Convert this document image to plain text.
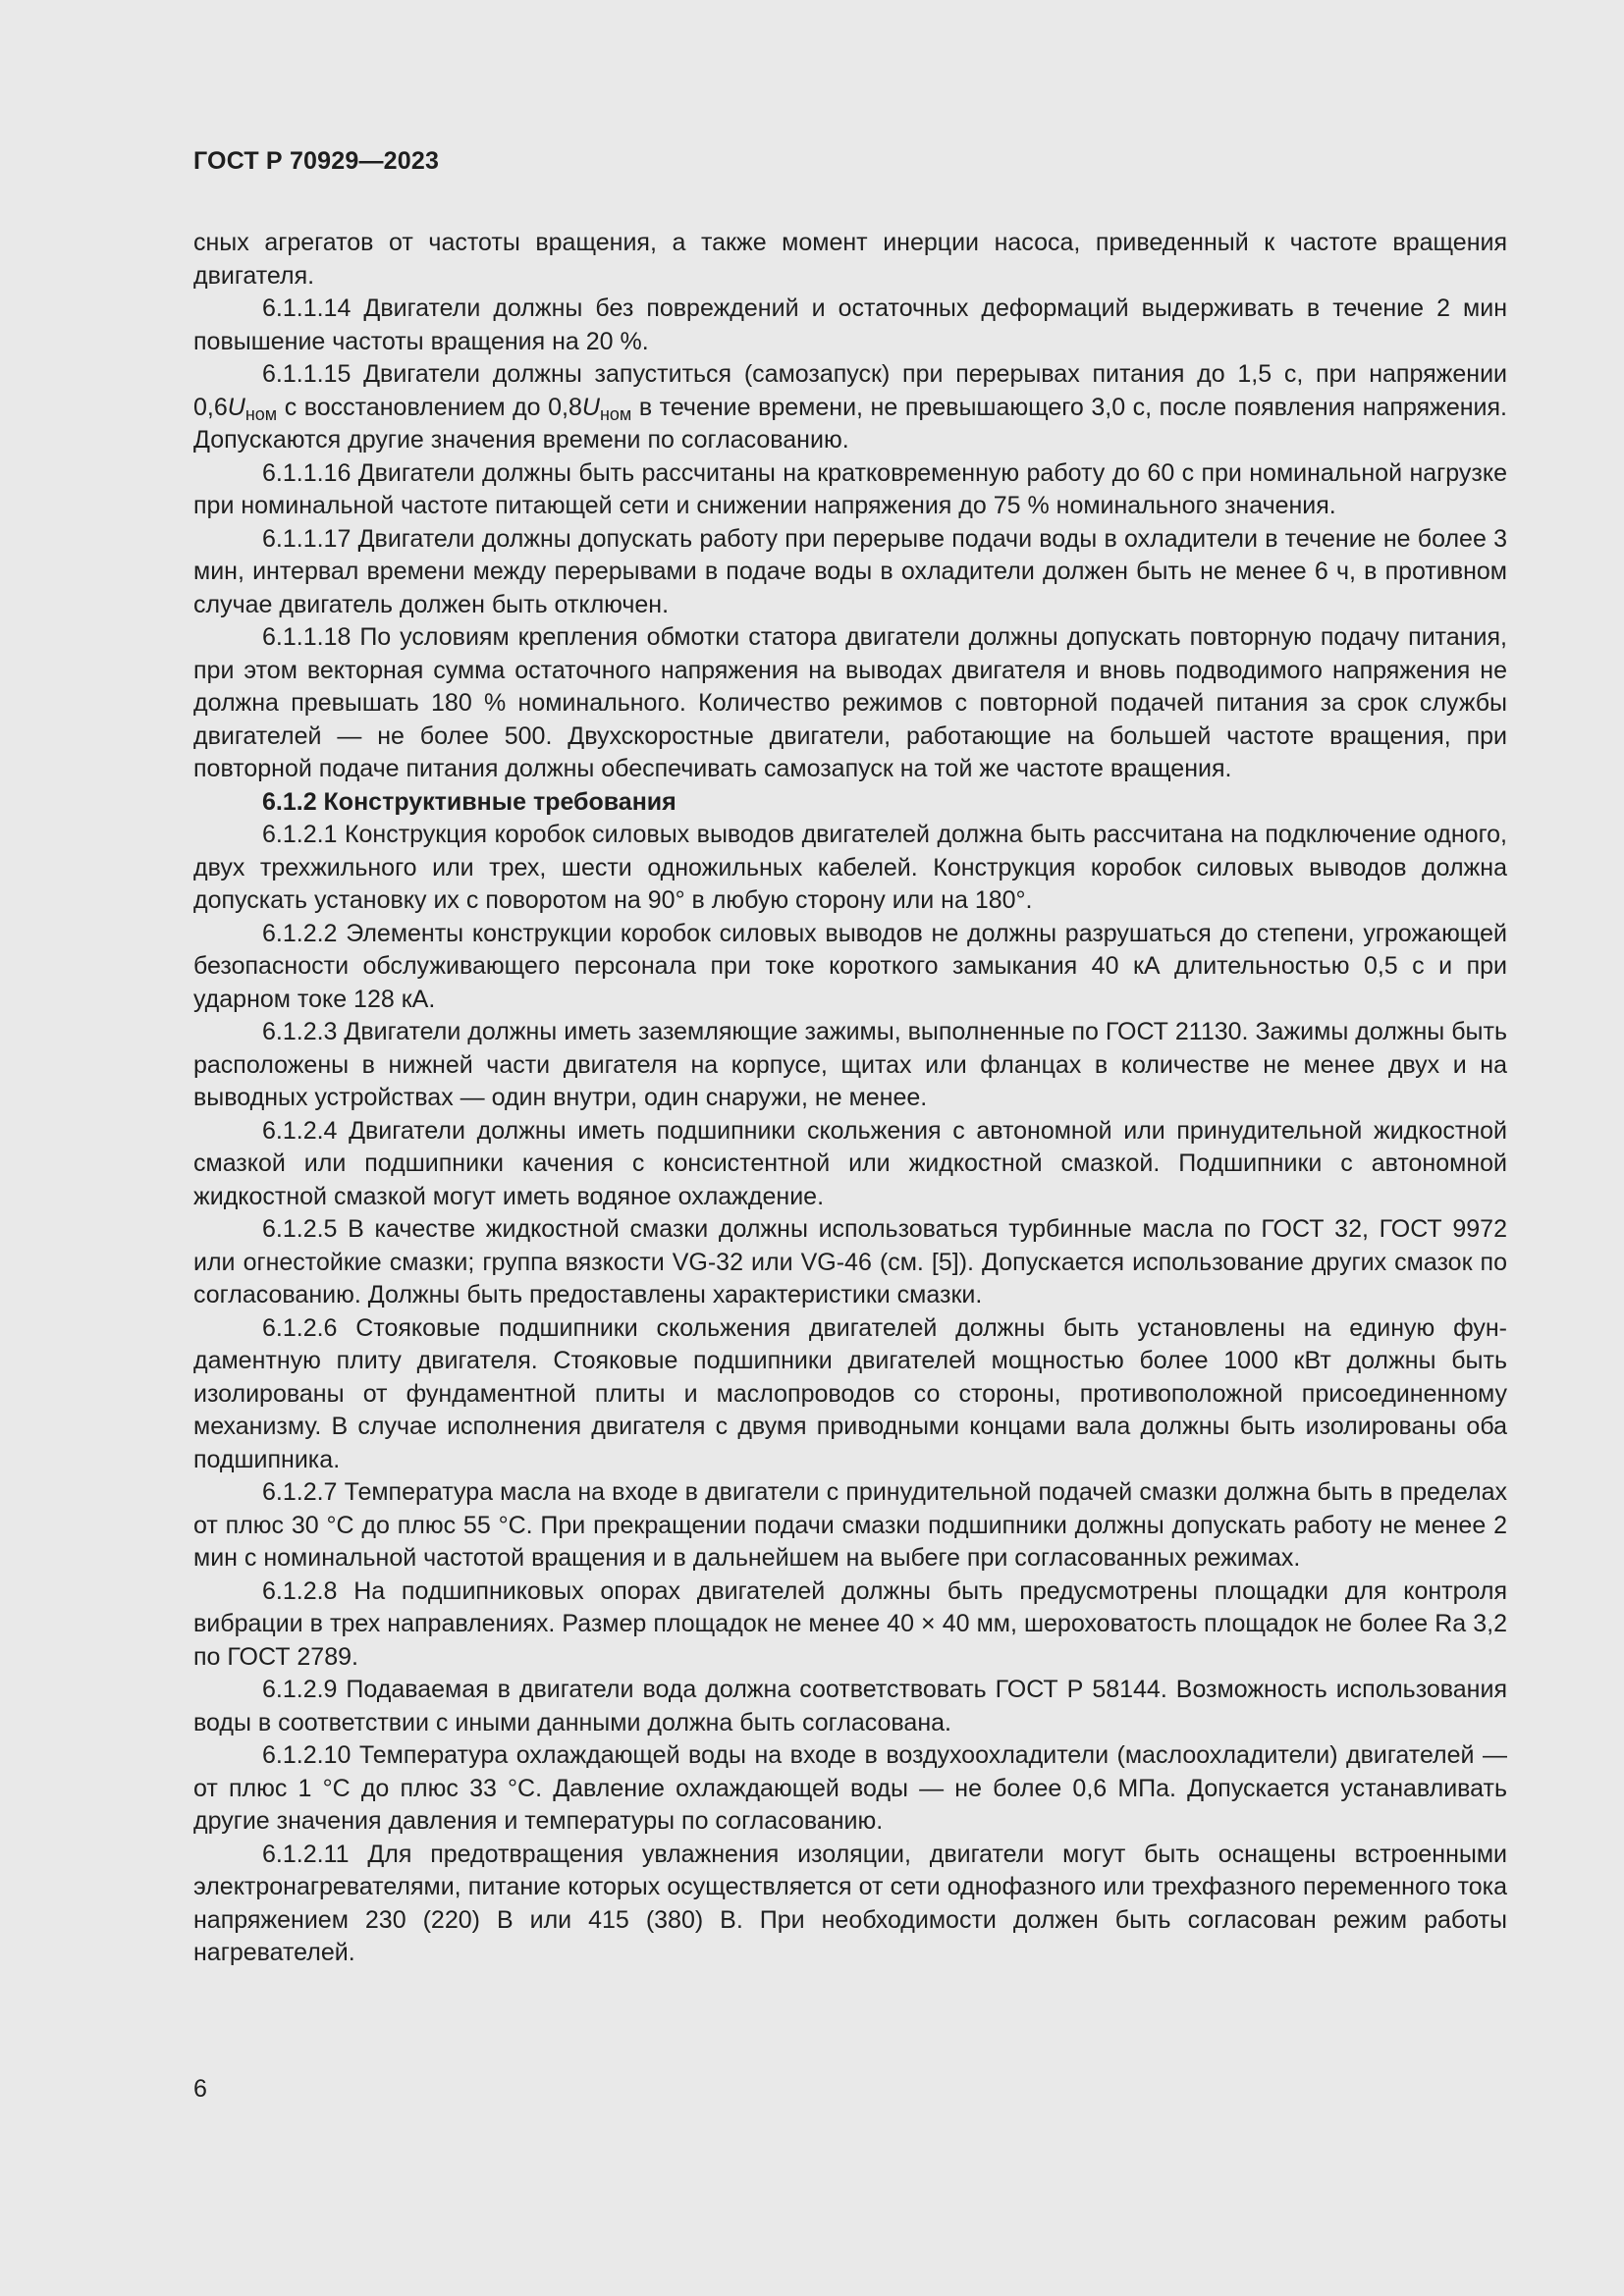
ГОСТ Р 70929—2023

сных агрегатов от частоты вращения, а также момент инерции насоса, приведенный к частоте вращения двигателя.

6.1.1.14 Двигатели должны без повреждений и остаточных деформаций выдерживать в течение 2 мин повышение частоты вращения на 20 %.

6.1.1.15 Двигатели должны запуститься (самозапуск) при перерывах питания до 1,5 с, при напряжении $0,6U_{ном}$ с восстановлением до $0,8U_{ном}$ в течение времени, не превышающего 3,0 с, после появления напряжения. Допускаются другие значения времени по согласованию.

6.1.1.16 Двигатели должны быть рассчитаны на кратковременную работу до 60 с при номинальной нагрузке при номинальной частоте питающей сети и снижении напряжения до 75 % номинального значения.

6.1.1.17 Двигатели должны допускать работу при перерыве подачи воды в охладители в течение не более 3 мин, интервал времени между перерывами в подаче воды в охладители должен быть не менее 6 ч, в противном случае двигатель должен быть отключен.

6.1.1.18 По условиям крепления обмотки статора двигатели должны допускать повторную подачу питания, при этом векторная сумма остаточного напряжения на выводах двигателя и вновь подводимого напряжения не должна превышать 180 % номинального. Количество режимов с повторной подачей питания за срок службы двигателей — не более 500. Двухскоростные двигатели, работающие на большей частоте вращения, при повторной подаче питания должны обеспечивать самозапуск на той же частоте вращения.

6.1.2 Конструктивные требования

6.1.2.1 Конструкция коробок силовых выводов двигателей должна быть рассчитана на подключение одного, двух трехжильного или трех, шести одножильных кабелей. Конструкция коробок силовых выводов должна допускать установку их с поворотом на 90° в любую сторону или на 180°.

6.1.2.2 Элементы конструкции коробок силовых выводов не должны разрушаться до степени, угрожающей безопасности обслуживающего персонала при токе короткого замыкания 40 кА длительностью 0,5 с и при ударном токе 128 кА.

6.1.2.3 Двигатели должны иметь заземляющие зажимы, выполненные по ГОСТ 21130. Зажимы должны быть расположены в нижней части двигателя на корпусе, щитах или фланцах в количестве не менее двух и на выводных устройствах — один внутри, один снаружи, не менее.

6.1.2.4 Двигатели должны иметь подшипники скольжения с автономной или принудительной жидкостной смазкой или подшипники качения с консистентной или жидкостной смазкой. Подшипники с автономной жидкостной смазкой могут иметь водяное охлаждение.

6.1.2.5 В качестве жидкостной смазки должны использоваться турбинные масла по ГОСТ 32, ГОСТ 9972 или огнестойкие смазки; группа вязкости VG-32 или VG-46 (см. [5]). Допускается использование других смазок по согласованию. Должны быть предоставлены характеристики смазки.

6.1.2.6 Стояковые подшипники скольжения двигателей должны быть установлены на единую фундаментную плиту двигателя. Стояковые подшипники двигателей мощностью более 1000 кВт должны быть изолированы от фундаментной плиты и маслопроводов со стороны, противоположной присоединенному механизму. В случае исполнения двигателя с двумя приводными концами вала должны быть изолированы оба подшипника.

6.1.2.7 Температура масла на входе в двигатели с принудительной подачей смазки должна быть в пределах от плюс 30 °С до плюс 55 °С. При прекращении подачи смазки подшипники должны допускать работу не менее 2 мин с номинальной частотой вращения и в дальнейшем на выбеге при согласованных режимах.

6.1.2.8 На подшипниковых опорах двигателей должны быть предусмотрены площадки для контроля вибрации в трех направлениях. Размер площадок не менее 40 × 40 мм, шероховатость площадок не более Ra 3,2 по ГОСТ 2789.

6.1.2.9 Подаваемая в двигатели вода должна соответствовать ГОСТ Р 58144. Возможность использования воды в соответствии с иными данными должна быть согласована.

6.1.2.10 Температура охлаждающей воды на входе в воздухоохладители (маслоохладители) двигателей — от плюс 1 °С до плюс 33 °С. Давление охлаждающей воды — не более 0,6 МПа. Допускается устанавливать другие значения давления и температуры по согласованию.

6.1.2.11 Для предотвращения увлажнения изоляции, двигатели могут быть оснащены встроенными электронагревателями, питание которых осуществляется от сети однофазного или трехфазного переменного тока напряжением 230 (220) В или 415 (380) В. При необходимости должен быть согласован режим работы нагревателей.

6
